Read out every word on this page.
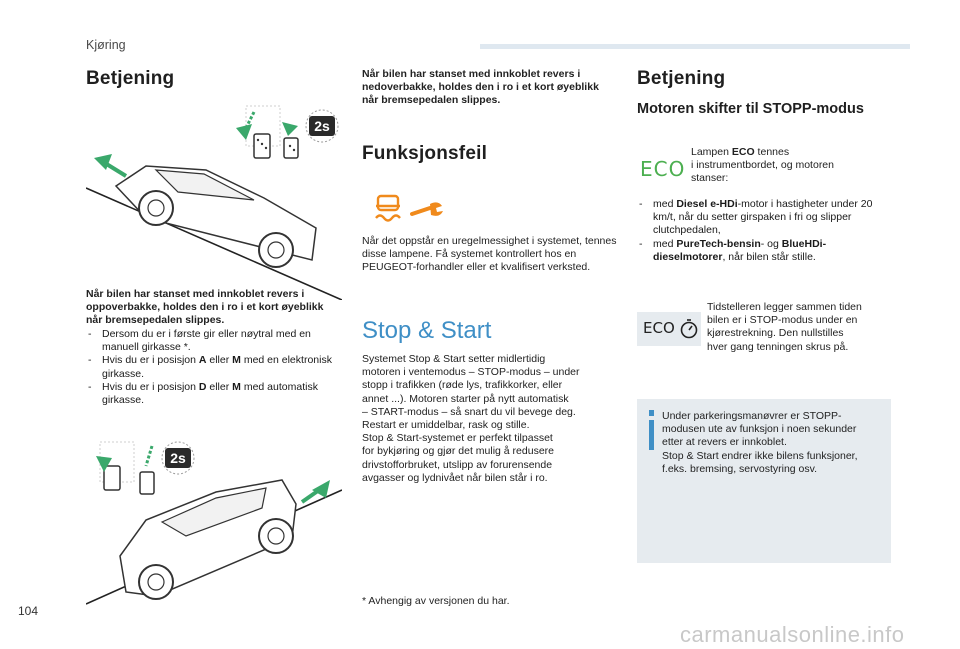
Kjøring
Betjening
2s
Når bilen har stanset med innkoblet revers i oppoverbakke, holdes den i ro i et kort øyeblikk når bremsepedalen slippes.
- Dersom du er i første gir eller nøytral med en manuell girkasse *.
- Hvis du er i posisjon A eller M med en elektronisk girkasse.
- Hvis du er i posisjon D eller M med automatisk girkasse.
2s
Når bilen har stanset med innkoblet revers i nedoverbakke, holdes den i ro i et kort øyeblikk når bremsepedalen slippes.
Funksjonsfeil

Når det oppstår en uregelmessighet i systemet, tennes disse lampene. Få systemet kontrollert hos en PEUGEOT-forhandler eller et kvalifisert verksted.

Stop & Start
Systemet Stop & Start setter midlertidig
motoren i ventemodus – STOP-modus – under
stopp i trafikken (røde lys, trafikkorker, eller
annet ...). Motoren starter på nytt automatisk
– START-modus – så snart du vil bevege deg.
Restart er umiddelbar, rask og stille.
Stop & Start-systemet er perfekt tilpasset
for bykjøring og gjør det mulig å redusere
drivstofforbruket, utslipp av forurensende
avgasser og lydnivået når bilen står i ro.
* Avhengig av versjonen du har.
Betjening
Motoren skifter til STOPP-modus
ECO
Lampen ECO tennes
i instrumentbordet, og motoren
stanser:
- med Diesel e-HDi-motor i hastigheter under 20 km/t, når du setter girspaken i fri og slipper clutchpedalen,
- med PureTech-bensin- og BlueHDi-dieselmotorer, når bilen står stille.
ECO
Tidstelleren legger sammen tiden
bilen er i STOP-modus under en
kjørestrekning. Den nullstilles
hver gang tenningen skrus på.
Under parkeringsmanøvrer er STOPP-
modusen ute av funksjon i noen sekunder
etter at revers er innkoblet.
Stop & Start endrer ikke bilens funksjoner,
f.eks. bremsing, servostyring osv.
104
carmanualsonline.info
